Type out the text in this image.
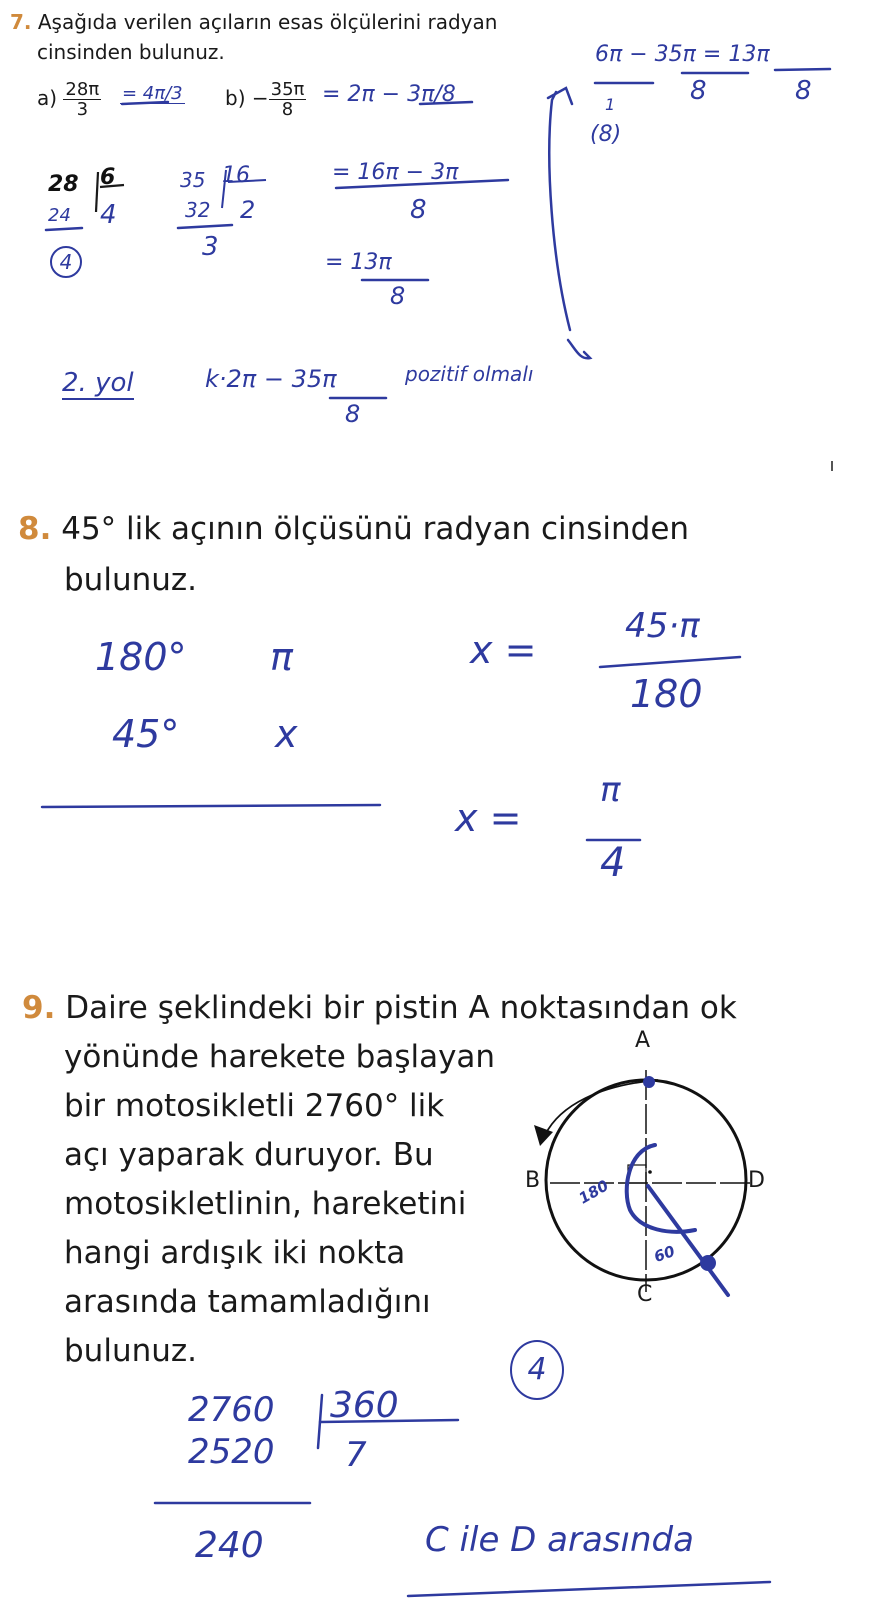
7. Aşağıda verilen açıların esas ölçülerini radyan
cinsinden bulunuz.
$a) \frac{28\pi}{3}$	$b) - \frac{35\pi}{8}$
= 4π/3	= 2π − 3π/8
28 6
24 4
4
35 16
32 2
3
= 16π − 3π
8
= 13π
8
6π − 35π = 13π
1	8	8
(8)
2. yol	k·2π − 35π
8
pozitif olmalı
8. 45° lik açının ölçüsünü radyan cinsinden
bulunuz.
180° π
45°	x
x =
45·π
180
x =
π
4
9. Daire şeklindeki bir pistin A noktasından ok
yönünde harekete başlayan
bir motosikletli 2760° lik
açı yaparak duruyor. Bu
motosikletlinin, hareketini
hangi ardışık iki nokta
arasında tamamladığını
bulunuz.
A
B	D
C
180
60
2760 360
2520 7
240
4
C ile D arasında
